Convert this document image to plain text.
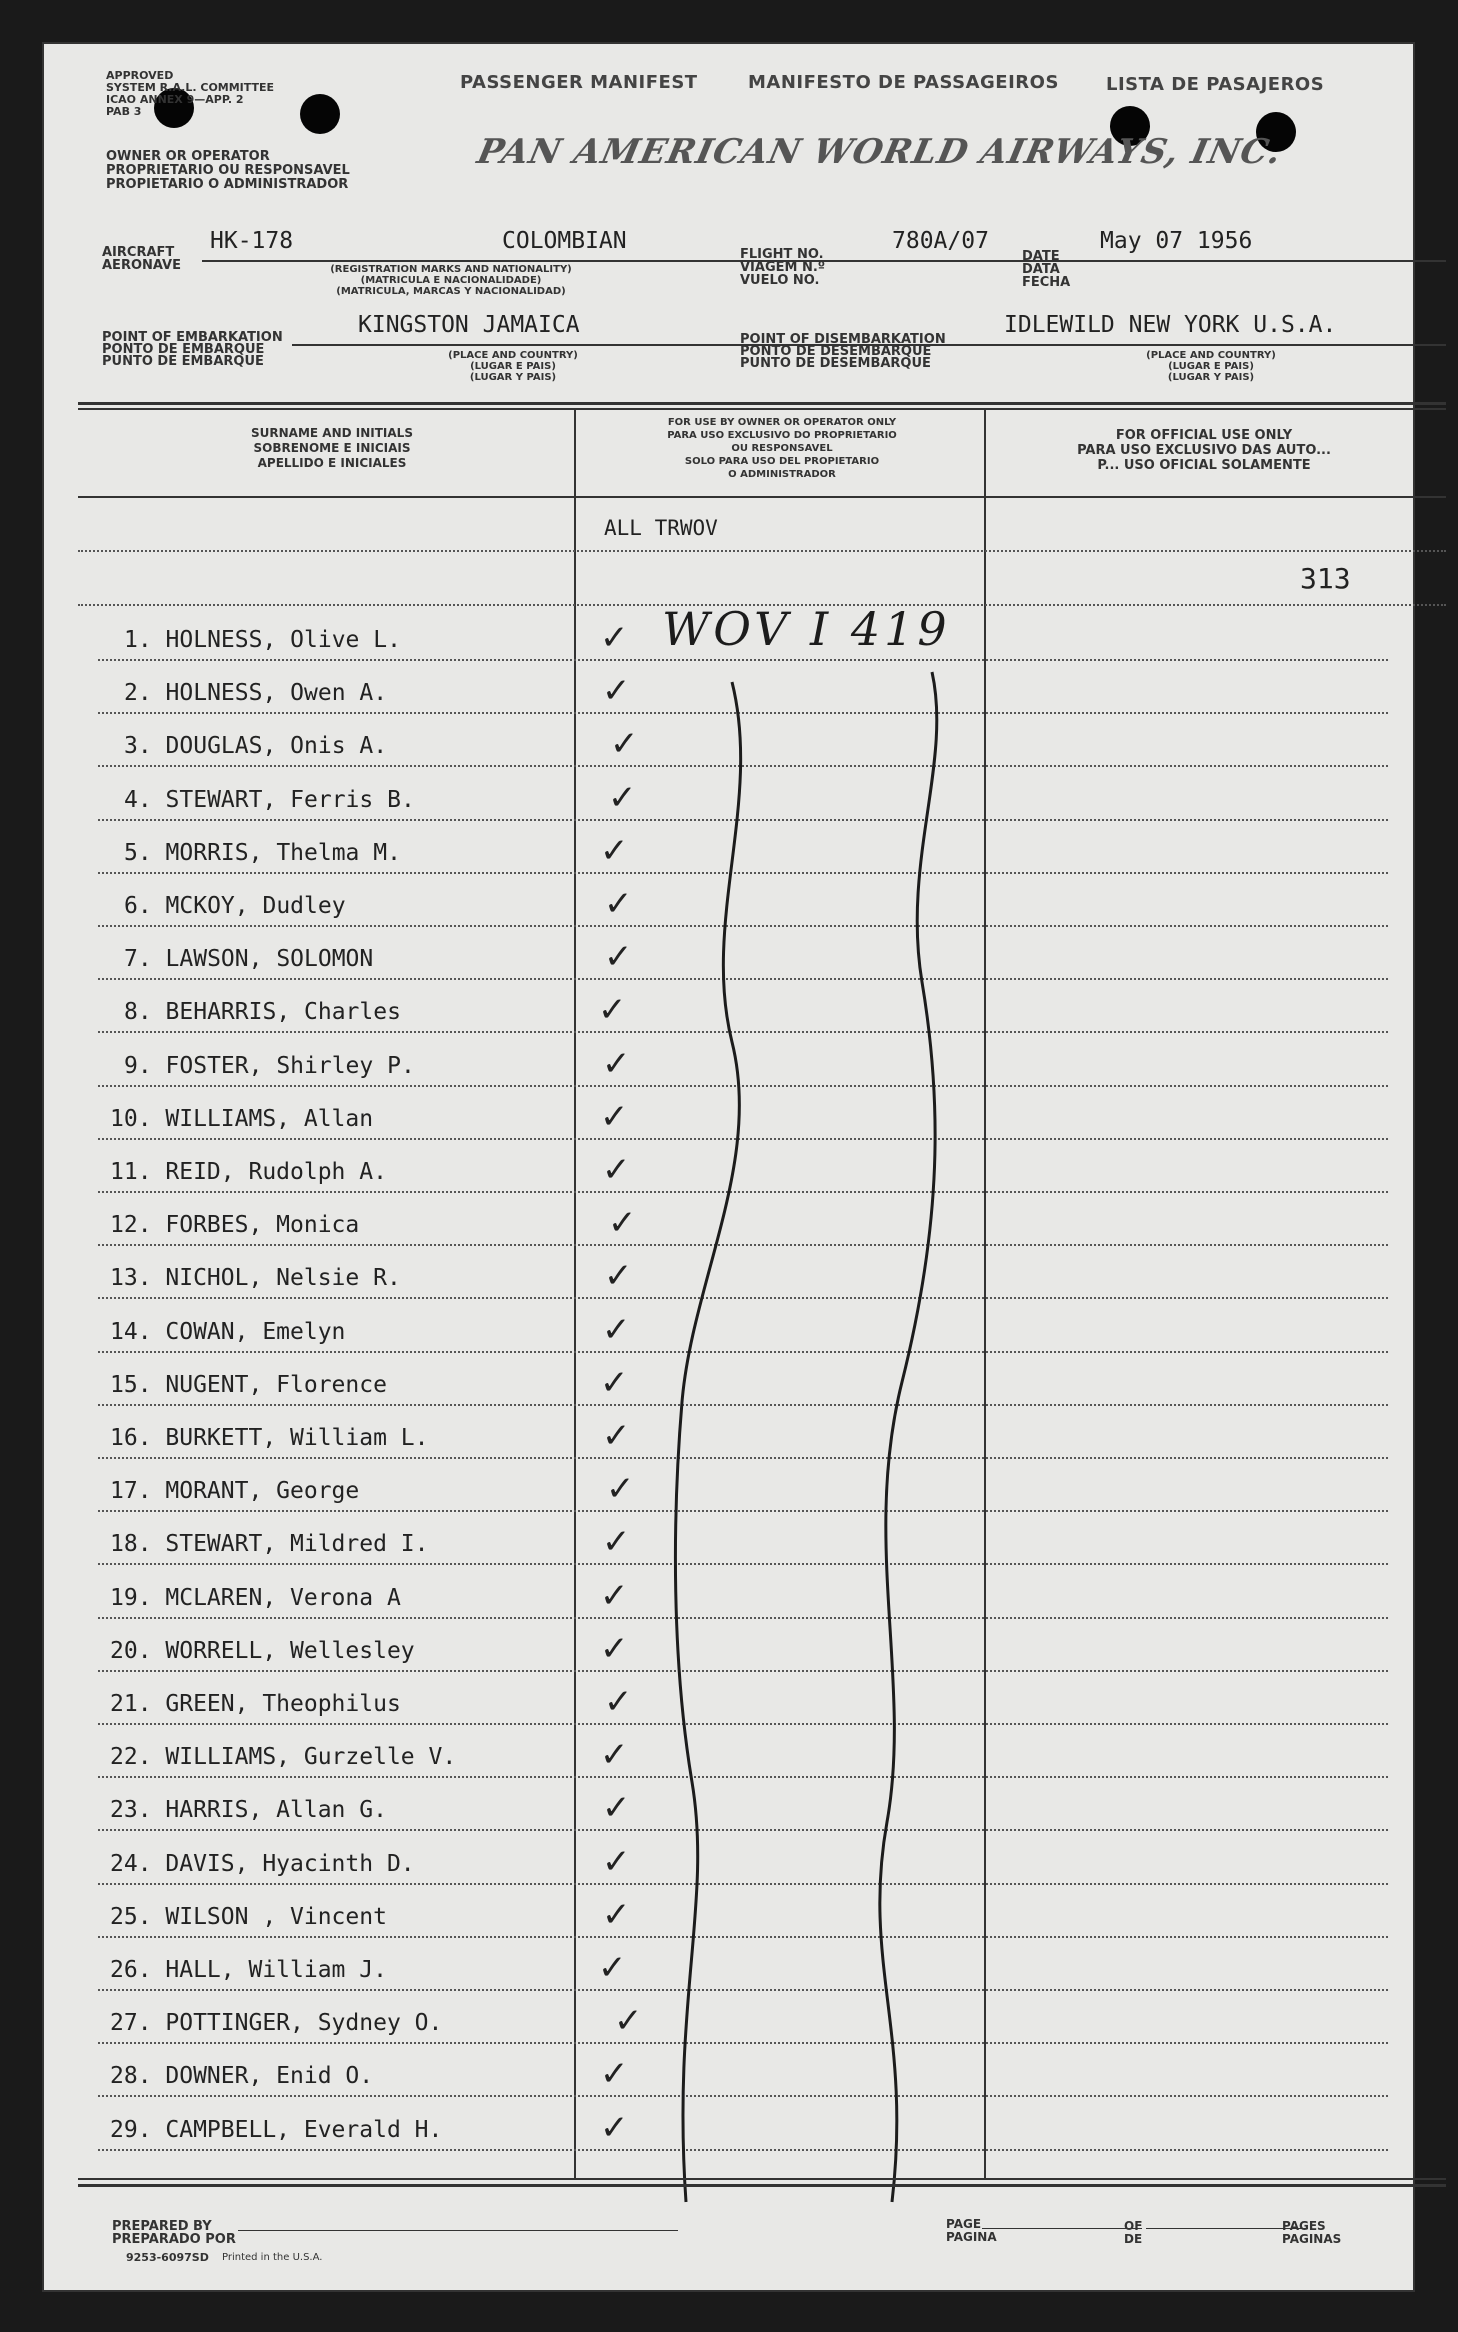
APPROVED
SYSTEM R.A.L. COMMITTEE
ICAO ANNEX 9—APP. 2
PAB 3
OWNER OR OPERATOR
PROPRIETARIO OU RESPONSAVEL
PROPIETARIO O ADMINISTRADOR
PASSENGER MANIFEST	MANIFESTO DE PASSAGEIROS	LISTA DE PASAJEROS
PAN AMERICAN WORLD AIRWAYS, INC.
AIRCRAFT
AERONAVE
HK-178	COLOMBIAN
(REGISTRATION MARKS AND NATIONALITY)
(MATRICULA E NACIONALIDADE)
(MATRICULA, MARCAS Y NACIONALIDAD)
FLIGHT NO.
VIAGEM N.º
VUELO NO.
780A/07
DATE
DATA
FECHA
May 07 1956
POINT OF EMBARKATION
PONTO DE EMBARQUE
PUNTO DE EMBARQUE
KINGSTON JAMAICA
(PLACE AND COUNTRY)
(LUGAR E PAIS)
(LUGAR Y PAIS)
POINT OF DISEMBARKATION
PONTO DE DESEMBARQUE
PUNTO DE DESEMBARQUE
IDLEWILD NEW YORK U.S.A.
(PLACE AND COUNTRY)
(LUGAR E PAIS)
(LUGAR Y PAIS)
SURNAME AND INITIALS
SOBRENOME E INICIAIS
APELLIDO E INICIALES
FOR USE BY OWNER OR OPERATOR ONLY
PARA USO EXCLUSIVO DO PROPRIETARIO
OU RESPONSAVEL
SOLO PARA USO DEL PROPIETARIO
O ADMINISTRADOR
FOR OFFICIAL USE ONLY
PARA USO EXCLUSIVO DAS AUTO...
P... USO OFICIAL SOLAMENTE
ALL TRWOV
313
WOV I 419
1. HOLNESS, Olive L.	✓
2. HOLNESS, Owen A.	✓
3. DOUGLAS, Onis A.	✓
4. STEWART, Ferris B.	✓
5. MORRIS, Thelma M.	✓
6. MCKOY, Dudley	✓
7. LAWSON, SOLOMON	✓
8. BEHARRIS, Charles	✓
9. FOSTER, Shirley P.	✓
10. WILLIAMS, Allan	✓
11. REID, Rudolph A.	✓
12. FORBES, Monica	✓
13. NICHOL, Nelsie R.	✓
14. COWAN, Emelyn	✓
15. NUGENT, Florence	✓
16. BURKETT, William L.	✓
17. MORANT, George	✓
18. STEWART, Mildred I.	✓
19. MCLAREN, Verona A	✓
20. WORRELL, Wellesley	✓
21. GREEN, Theophilus	✓
22. WILLIAMS, Gurzelle V.	✓
23. HARRIS, Allan G.	✓
24. DAVIS, Hyacinth D.	✓
25. WILSON , Vincent	✓
26. HALL, William J.	✓
27. POTTINGER, Sydney O.	✓
28. DOWNER, Enid O.	✓
29. CAMPBELL, Everald H.	✓
PREPARED BY
PREPARADO POR
9253-6097SD Printed in the U.S.A.
PAGE
PAGINA
OF
DE
PAGES
PAGINAS
